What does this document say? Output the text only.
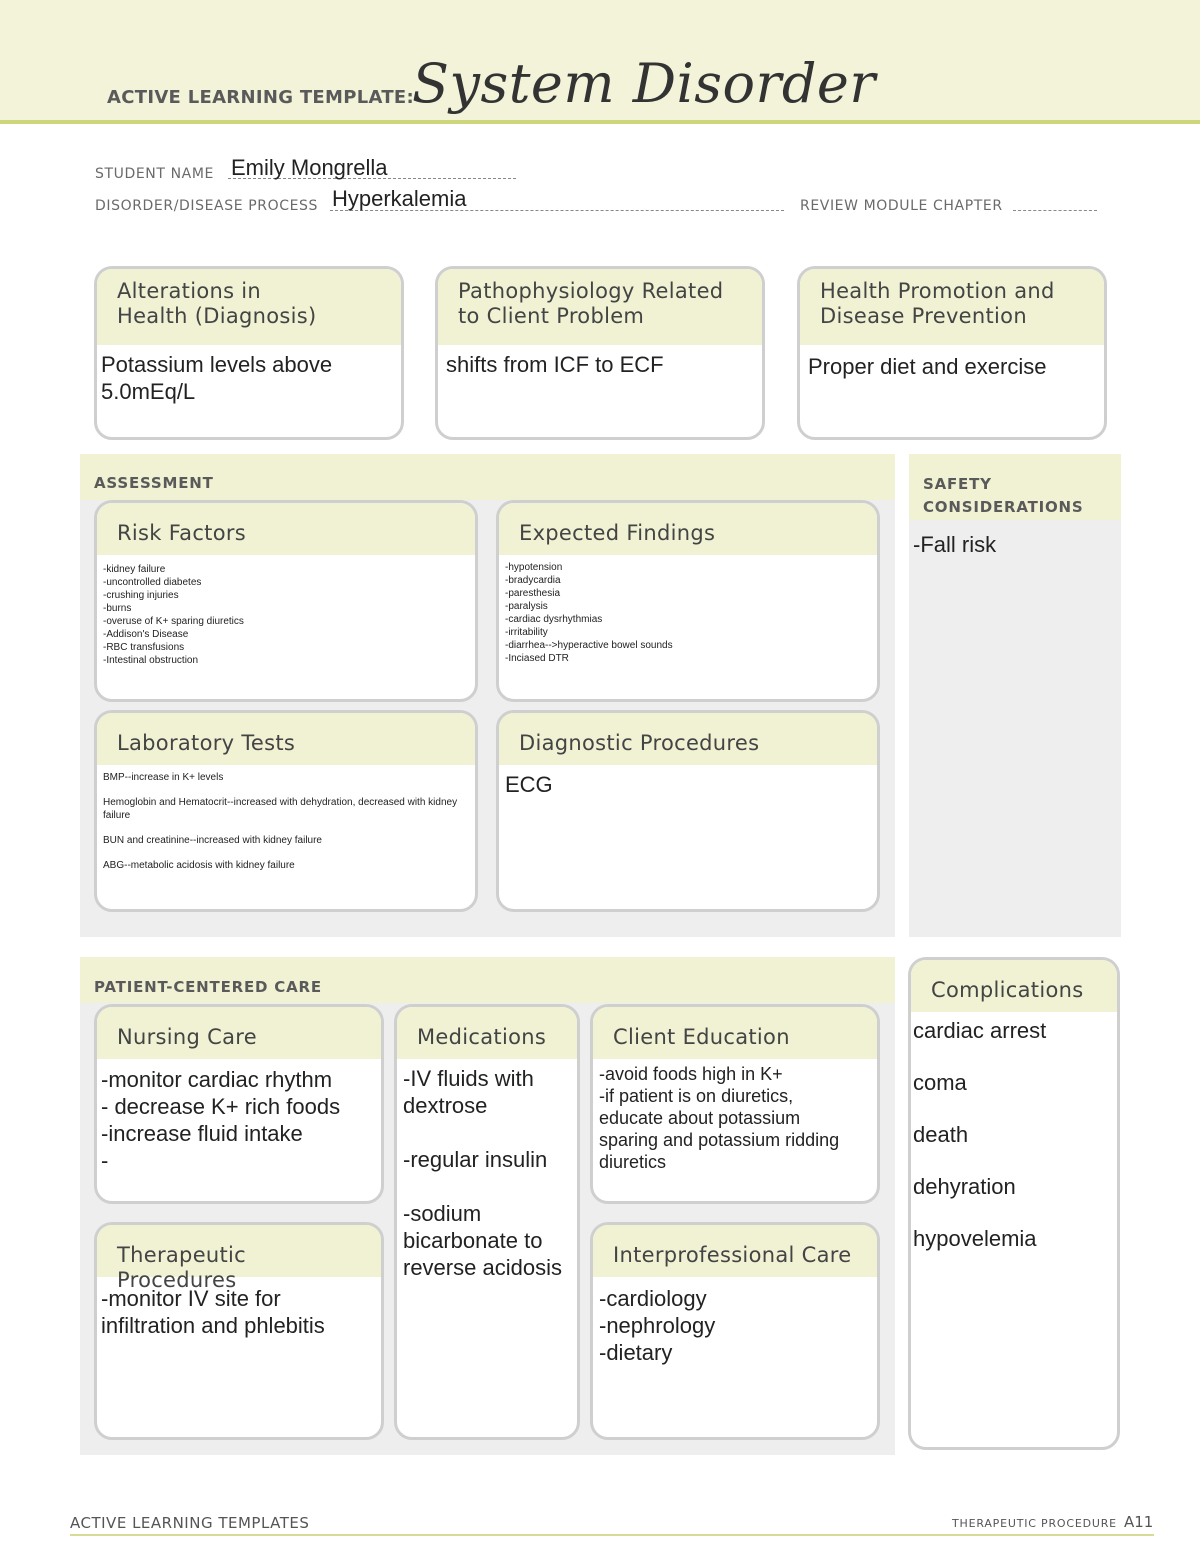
ACTIVE LEARNING TEMPLATE:
System Disorder
STUDENT NAME Emily Mongrella
DISORDER/DISEASE PROCESS Hyperkalemia	REVIEW MODULE CHAPTER
Alterations in
Health (Diagnosis)
Potassium levels above
5.0mEq/L
Pathophysiology Related
to Client Problem
shifts from ICF to ECF
Health Promotion and
Disease Prevention
Proper diet and exercise
ASSESSMENT
Risk Factors
-kidney failure
-uncontrolled diabetes
-crushing injuries
-burns
-overuse of K+ sparing diuretics
-Addison's Disease
-RBC transfusions
-Intestinal obstruction
Expected Findings
-hypotension
-bradycardia
-paresthesia
-paralysis
-cardiac dysrhythmias
-irritability
-diarrhea-->hyperactive bowel sounds
-Inciased DTR
Laboratory Tests
BMP--increase in K+ levels
Hemoglobin and Hematocrit--increased with dehydration, decreased with kidney failure
BUN and creatinine--increased with kidney failure
ABG--metabolic acidosis with kidney failure
Diagnostic Procedures
ECG
SAFETY
CONSIDERATIONS
-Fall risk
PATIENT-CENTERED CARE
Nursing Care
-monitor cardiac rhythm
- decrease K+ rich foods
-increase fluid intake
-
Medications
-IV fluids with
dextrose

-regular insulin

-sodium
bicarbonate to
reverse acidosis
Client Education
-avoid foods high in K+
-if patient is on diuretics,
educate about potassium
sparing and potassium ridding
diuretics
Therapeutic Procedures
-monitor IV site for
infiltration and phlebitis
Interprofessional Care
-cardiology
-nephrology
-dietary
Complications
cardiac arrest

coma

death

dehyration

hypovelemia
ACTIVE LEARNING TEMPLATES	THERAPEUTIC PROCEDURE A11
